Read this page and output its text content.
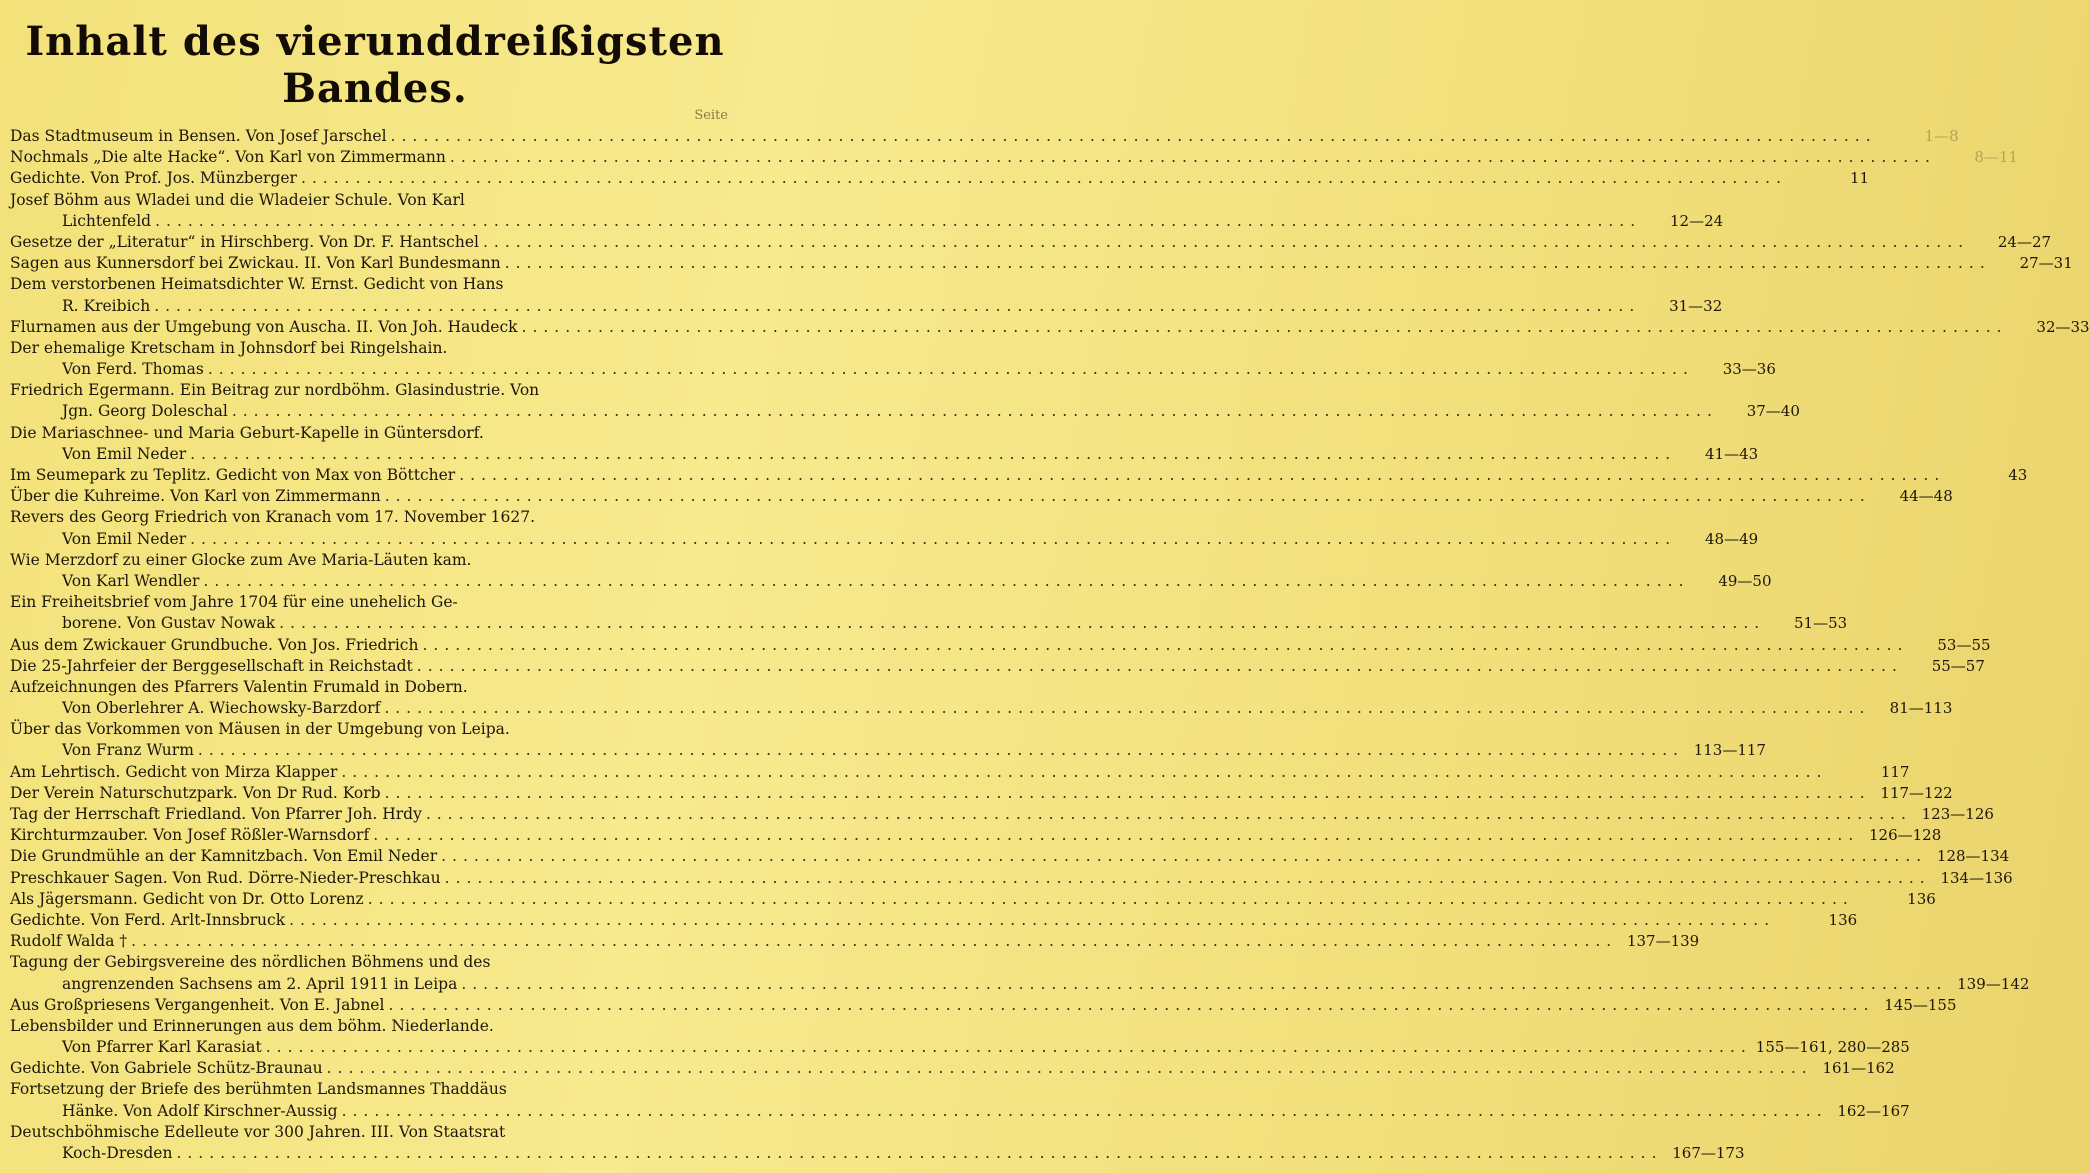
Inhalt des vierunddreißigsten Bandes.
Seite
Das Stadtmuseum in Bensen. Von Josef Jarschel .....	1—8
Nochmals „Die alte Hacke“. Von Karl von Zimmermann .....	8—11
Gedichte. Von Prof. Jos. Münzberger .....	11
Josef Böhm aus Wladei und die Wladeier Schule. Von Karl
Lichtenfeld .....	12—24
Gesetze der „Literatur“ in Hirschberg. Von Dr. F. Hantschel .....	24—27
Sagen aus Kunnersdorf bei Zwickau. II. Von Karl Bundesmann .....	27—31
Dem verstorbenen Heimatsdichter W. Ernst. Gedicht von Hans
R. Kreibich .....	31—32
Flurnamen aus der Umgebung von Auscha. II. Von Joh. Haudeck .....	32—33
Der ehemalige Kretscham in Johnsdorf bei Ringelshain.
Von Ferd. Thomas .....	33—36
Friedrich Egermann. Ein Beitrag zur nordböhm. Glasindustrie. Von
Jgn. Georg Doleschal .....	37—40
Die Mariaschnee- und Maria Geburt-Kapelle in Güntersdorf.
Von Emil Neder .....	41—43
Im Seumepark zu Teplitz. Gedicht von Max von Böttcher .....	43
Über die Kuhreime. Von Karl von Zimmermann .....	44—48
Revers des Georg Friedrich von Kranach vom 17. November 1627.
Von Emil Neder .....	48—49
Wie Merzdorf zu einer Glocke zum Ave Maria-Läuten kam.
Von Karl Wendler .....	49—50
Ein Freiheitsbrief vom Jahre 1704 für eine unehelich Ge-
borene. Von Gustav Nowak .....	51—53
Aus dem Zwickauer Grundbuche. Von Jos. Friedrich .....	53—55
Die 25-Jahrfeier der Berggesellschaft in Reichstadt .....	55—57
Aufzeichnungen des Pfarrers Valentin Frumald in Dobern.
Von Oberlehrer A. Wiechowsky-Barzdorf .....	81—113
Über das Vorkommen von Mäusen in der Umgebung von Leipa.
Von Franz Wurm .....	113—117
Am Lehrtisch. Gedicht von Mirza Klapper .....	117
Der Verein Naturschutzpark. Von Dr Rud. Korb .....	117—122
Tag der Herrschaft Friedland. Von Pfarrer Joh. Hrdy .....	123—126
Kirchturmzauber. Von Josef Rößler-Warnsdorf .....	126—128
Die Grundmühle an der Kamnitzbach. Von Emil Neder .....	128—134
Preschkauer Sagen. Von Rud. Dörre-Nieder-Preschkau .....	134—136
Als Jägersmann. Gedicht von Dr. Otto Lorenz .....	136
Gedichte. Von Ferd. Arlt-Innsbruck .....	136
Rudolf Walda † .....	137—139
Tagung der Gebirgsvereine des nördlichen Böhmens und des
angrenzenden Sachsens am 2. April 1911 in Leipa .....	139—142
Aus Großpriesens Vergangenheit. Von E. Jabnel .....	145—155
Lebensbilder und Erinnerungen aus dem böhm. Niederlande.
Von Pfarrer Karl Karasiat .....	155—161, 280—285
Gedichte. Von Gabriele Schütz-Braunau .....	161—162
Fortsetzung der Briefe des berühmten Landsmannes Thaddäus
Hänke. Von Adolf Kirschner-Aussig .....	162—167
Deutschböhmische Edelleute vor 300 Jahren. III. Von Staatsrat
Koch-Dresden .....	167—173
